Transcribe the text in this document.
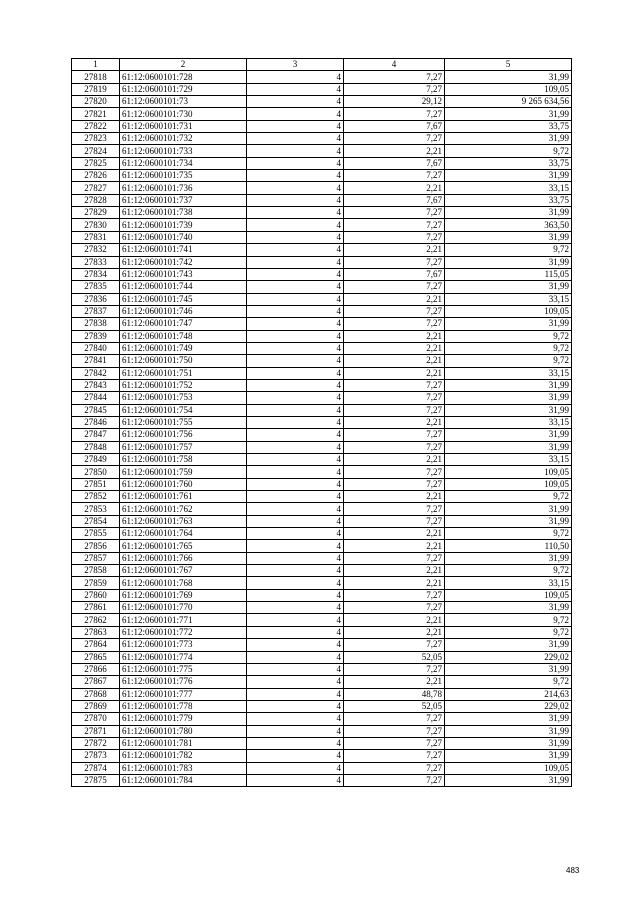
1	2	3	4	5
27818	61:12:0600101:728	4	7,27	31,99
27819	61:12:0600101:729	4	7,27	109,05
27820	61:12:0600101:73	4	29,12	9 265 634,56
27821	61:12:0600101:730	4	7,27	31,99
27822	61:12:0600101:731	4	7,67	33,75
27823	61:12:0600101:732	4	7,27	31,99
27824	61:12:0600101:733	4	2,21	9,72
27825	61:12:0600101:734	4	7,67	33,75
27826	61:12:0600101:735	4	7,27	31,99
27827	61:12:0600101:736	4	2,21	33,15
27828	61:12:0600101:737	4	7,67	33,75
27829	61:12:0600101:738	4	7,27	31,99
27830	61:12:0600101:739	4	7,27	363,50
27831	61:12:0600101:740	4	7,27	31,99
27832	61:12:0600101:741	4	2,21	9,72
27833	61:12:0600101:742	4	7,27	31,99
27834	61:12:0600101:743	4	7,67	115,05
27835	61:12:0600101:744	4	7,27	31,99
27836	61:12:0600101:745	4	2,21	33,15
27837	61:12:0600101:746	4	7,27	109,05
27838	61:12:0600101:747	4	7,27	31,99
27839	61:12:0600101:748	4	2,21	9,72
27840	61:12:0600101:749	4	2,21	9,72
27841	61:12:0600101:750	4	2,21	9,72
27842	61:12:0600101:751	4	2,21	33,15
27843	61:12:0600101:752	4	7,27	31,99
27844	61:12:0600101:753	4	7,27	31,99
27845	61:12:0600101:754	4	7,27	31,99
27846	61:12:0600101:755	4	2,21	33,15
27847	61:12:0600101:756	4	7,27	31,99
27848	61:12:0600101:757	4	7,27	31,99
27849	61:12:0600101:758	4	2,21	33,15
27850	61:12:0600101:759	4	7,27	109,05
27851	61:12:0600101:760	4	7,27	109,05
27852	61:12:0600101:761	4	2,21	9,72
27853	61:12:0600101:762	4	7,27	31,99
27854	61:12:0600101:763	4	7,27	31,99
27855	61:12:0600101:764	4	2,21	9,72
27856	61:12:0600101:765	4	2,21	110,50
27857	61:12:0600101:766	4	7,27	31,99
27858	61:12:0600101:767	4	2,21	9,72
27859	61:12:0600101:768	4	2,21	33,15
27860	61:12:0600101:769	4	7,27	109,05
27861	61:12:0600101:770	4	7,27	31,99
27862	61:12:0600101:771	4	2,21	9,72
27863	61:12:0600101:772	4	2,21	9,72
27864	61:12:0600101:773	4	7,27	31,99
27865	61:12:0600101:774	4	52,05	229,02
27866	61:12:0600101:775	4	7,27	31,99
27867	61:12:0600101:776	4	2,21	9,72
27868	61:12:0600101:777	4	48,78	214,63
27869	61:12:0600101:778	4	52,05	229,02
27870	61:12:0600101:779	4	7,27	31,99
27871	61:12:0600101:780	4	7,27	31,99
27872	61:12:0600101:781	4	7,27	31,99
27873	61:12:0600101:782	4	7,27	31,99
27874	61:12:0600101:783	4	7,27	109,05
27875	61:12:0600101:784	4	7,27	31,99
483
